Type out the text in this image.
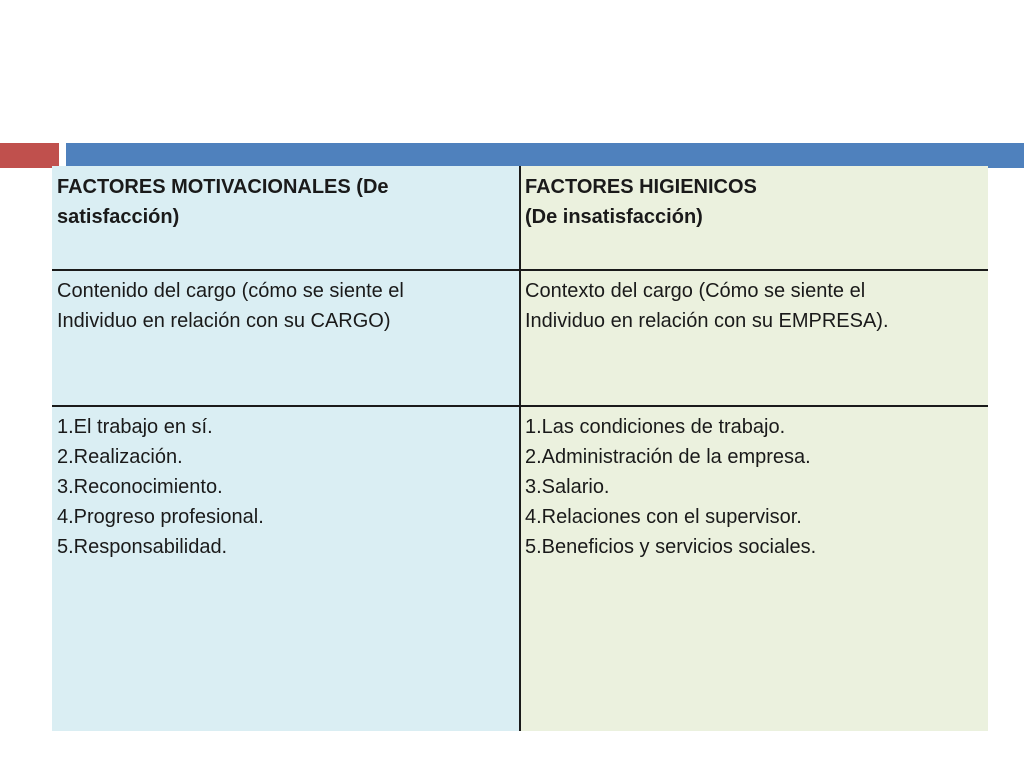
FACTORES MOTIVACIONALES (De
satisfacción)
FACTORES HIGIENICOS
(De insatisfacción)
Contenido del cargo (cómo se siente el
Individuo en relación con su CARGO)
Contexto del cargo (Cómo se siente el
Individuo en relación con su EMPRESA).
1.El trabajo en sí.
2.Realización.
3.Reconocimiento.
4.Progreso profesional.
5.Responsabilidad.
1.Las condiciones de trabajo.
2.Administración de la empresa.
3.Salario.
4.Relaciones con el supervisor.
5.Beneficios y servicios sociales.
